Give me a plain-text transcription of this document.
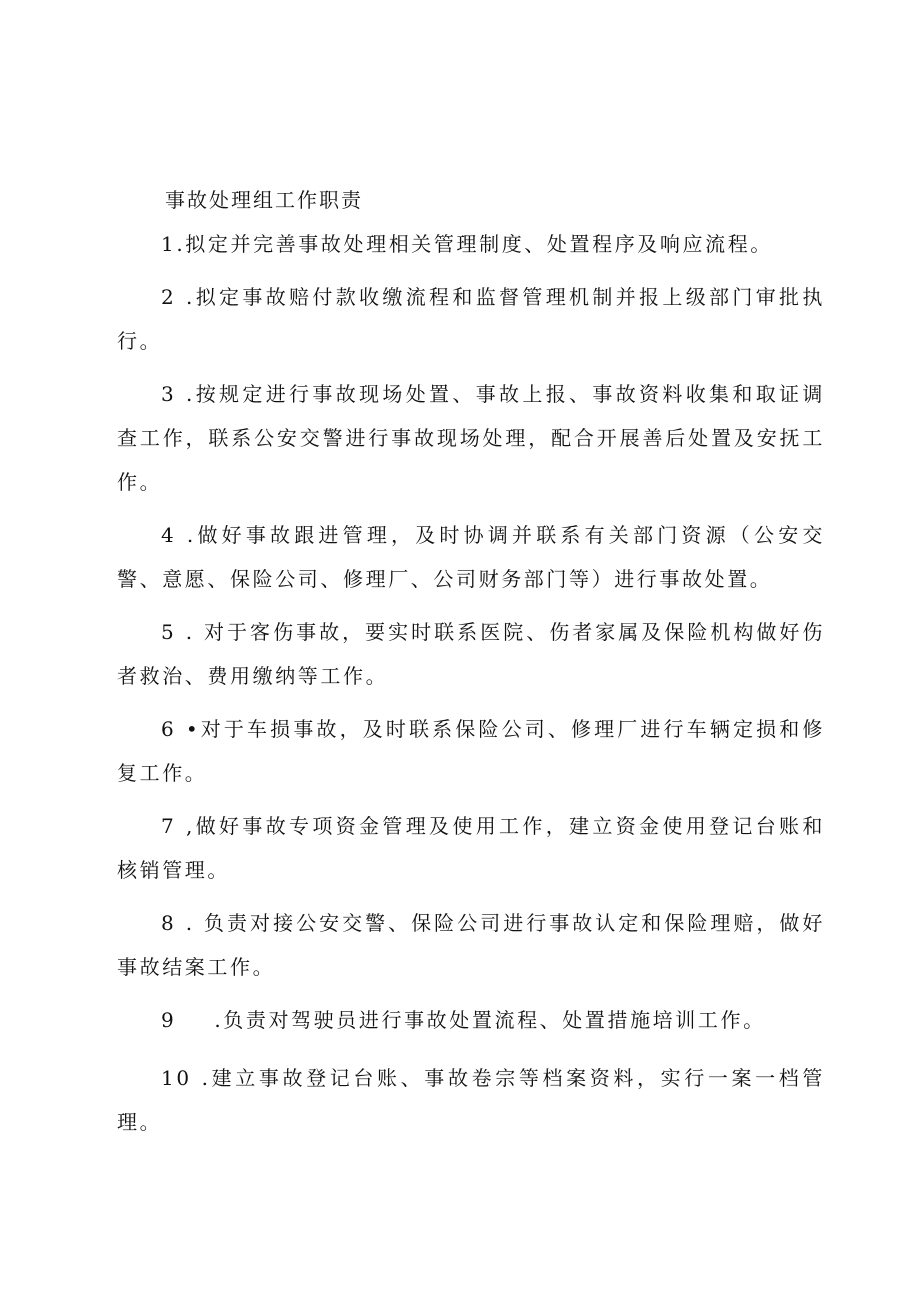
事故处理组工作职责

1.拟定并完善事故处理相关管理制度、处置程序及响应流程。

2 .拟定事故赔付款收缴流程和监督管理机制并报上级部门审批执行。

3 .按规定进行事故现场处置、事故上报、事故资料收集和取证调查工作，联系公安交警进行事故现场处理，配合开展善后处置及安抚工作。

4 .做好事故跟进管理，及时协调并联系有关部门资源（公安交警、意愿、保险公司、修理厂、公司财务部门等）进行事故处置。

5 . 对于客伤事故，要实时联系医院、伤者家属及保险机构做好伤者救治、费用缴纳等工作。

6 •对于车损事故，及时联系保险公司、修理厂进行车辆定损和修复工作。

7 ,做好事故专项资金管理及使用工作，建立资金使用登记台账和核销管理。

8 . 负责对接公安交警、保险公司进行事故认定和保险理赔，做好事故结案工作。

9 .负责对驾驶员进行事故处置流程、处置措施培训工作。

10 .建立事故登记台账、事故卷宗等档案资料，实行一案一档管理。
